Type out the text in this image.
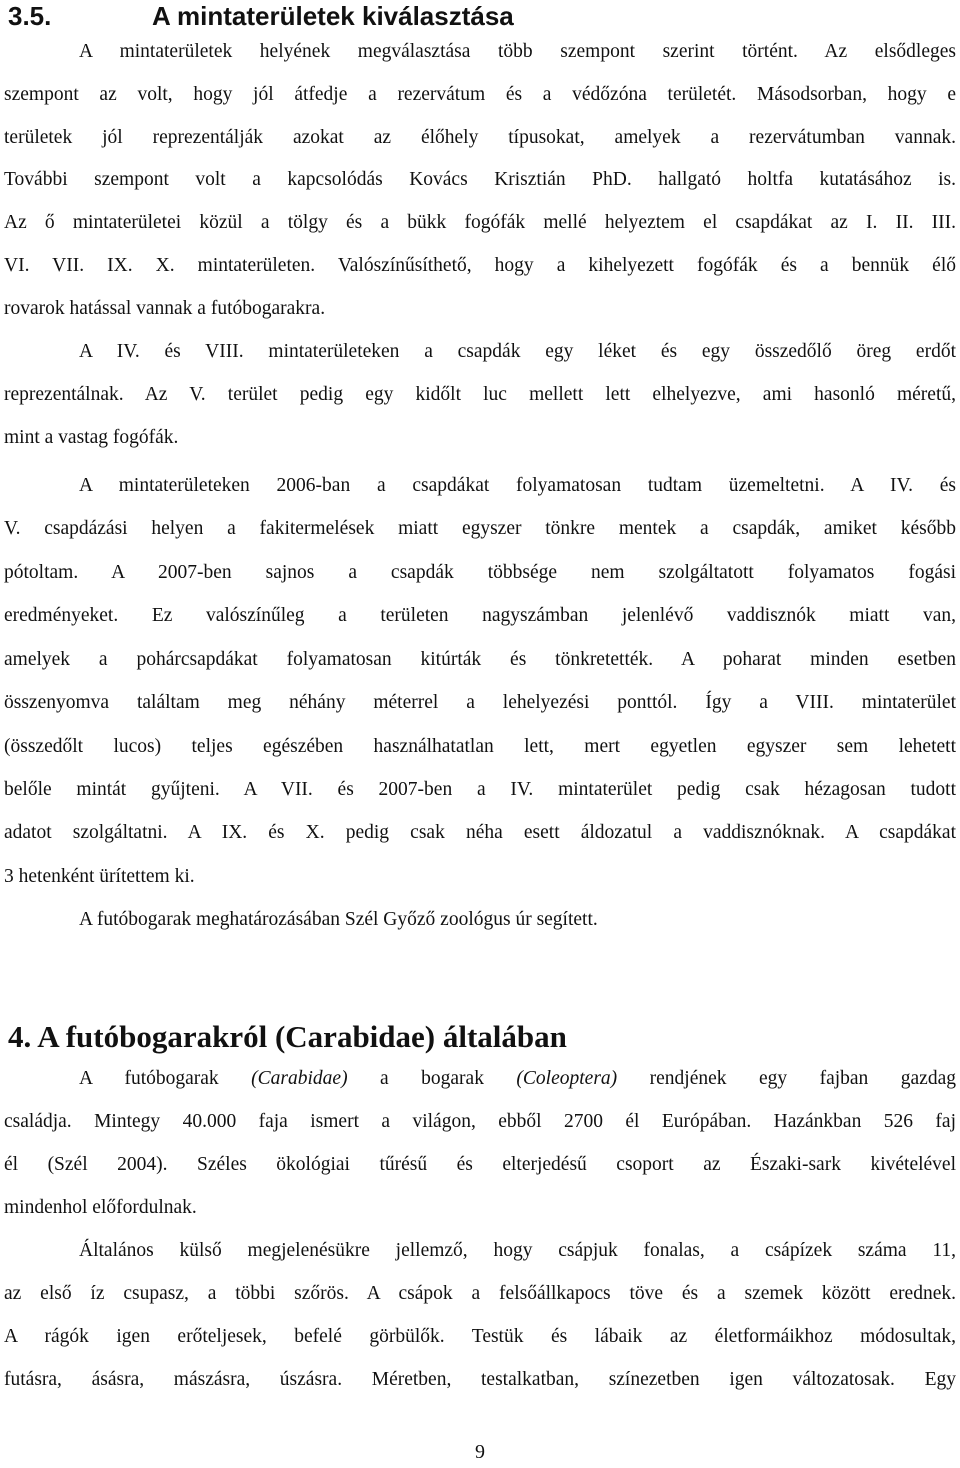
3.5.	A mintaterületek kiválasztása
A mintaterületek helyének megválasztása több szempont szerint történt. Az elsődleges
szempont az volt, hogy jól átfedje a rezervátum és a védőzóna területét. Másodsorban, hogy e
területek jól reprezentálják azokat az élőhely típusokat, amelyek a rezervátumban vannak.
További szempont volt a kapcsolódás Kovács Krisztián PhD. hallgató holtfa kutatásához is.
Az ő mintaterületei közül a tölgy és a bükk fogófák mellé helyeztem el csapdákat az I. II. III.
VI. VII. IX. X. mintaterületen. Valószínűsíthető, hogy a kihelyezett fogófák és a bennük élő
rovarok hatással vannak a futóbogarakra.
A IV. és VIII. mintaterületeken a csapdák egy léket és egy összedőlő öreg erdőt
reprezentálnak. Az V. terület pedig egy kidőlt luc mellett lett elhelyezve, ami hasonló méretű,
mint a vastag fogófák.
A mintaterületeken 2006-ban a csapdákat folyamatosan tudtam üzemeltetni. A IV. és
V. csapdázási helyen a fakitermelések miatt egyszer tönkre mentek a csapdák, amiket később
pótoltam. A 2007-ben sajnos a csapdák többsége nem szolgáltatott folyamatos fogási
eredményeket. Ez valószínűleg a területen nagyszámban jelenlévő vaddisznók miatt van,
amelyek a pohárcsapdákat folyamatosan kitúrták és tönkretették. A poharat minden esetben
összenyomva találtam meg néhány méterrel a lehelyezési ponttól. Így a VIII. mintaterület
(összedőlt lucos) teljes egészében használhatatlan lett, mert egyetlen egyszer sem lehetett
belőle mintát gyűjteni. A VII. és 2007-ben a IV. mintaterület pedig csak hézagosan tudott
adatot szolgáltatni. A IX. és X. pedig csak néha esett áldozatul a vaddisznóknak. A csapdákat
3 hetenként ürítettem ki.
A futóbogarak meghatározásában Szél Győző zoológus úr segített.
4. A futóbogarakról (Carabidae) általában
A futóbogarak (Carabidae) a bogarak (Coleoptera) rendjének egy fajban gazdag
családja. Mintegy 40.000 faja ismert a világon, ebből 2700 él Európában. Hazánkban 526 faj
él (Szél 2004). Széles ökológiai tűrésű és elterjedésű csoport az Északi-sark kivételével
mindenhol előfordulnak.
Általános külső megjelenésükre jellemző, hogy csápjuk fonalas, a csápízek száma 11,
az első íz csupasz, a többi szőrös. A csápok a felsőállkapocs töve és a szemek között erednek.
A rágók igen erőteljesek, befelé görbülők. Testük és lábaik az életformáikhoz módosultak,
futásra, ásásra, mászásra, úszásra. Méretben, testalkatban, színezetben igen változatosak. Egy
9
